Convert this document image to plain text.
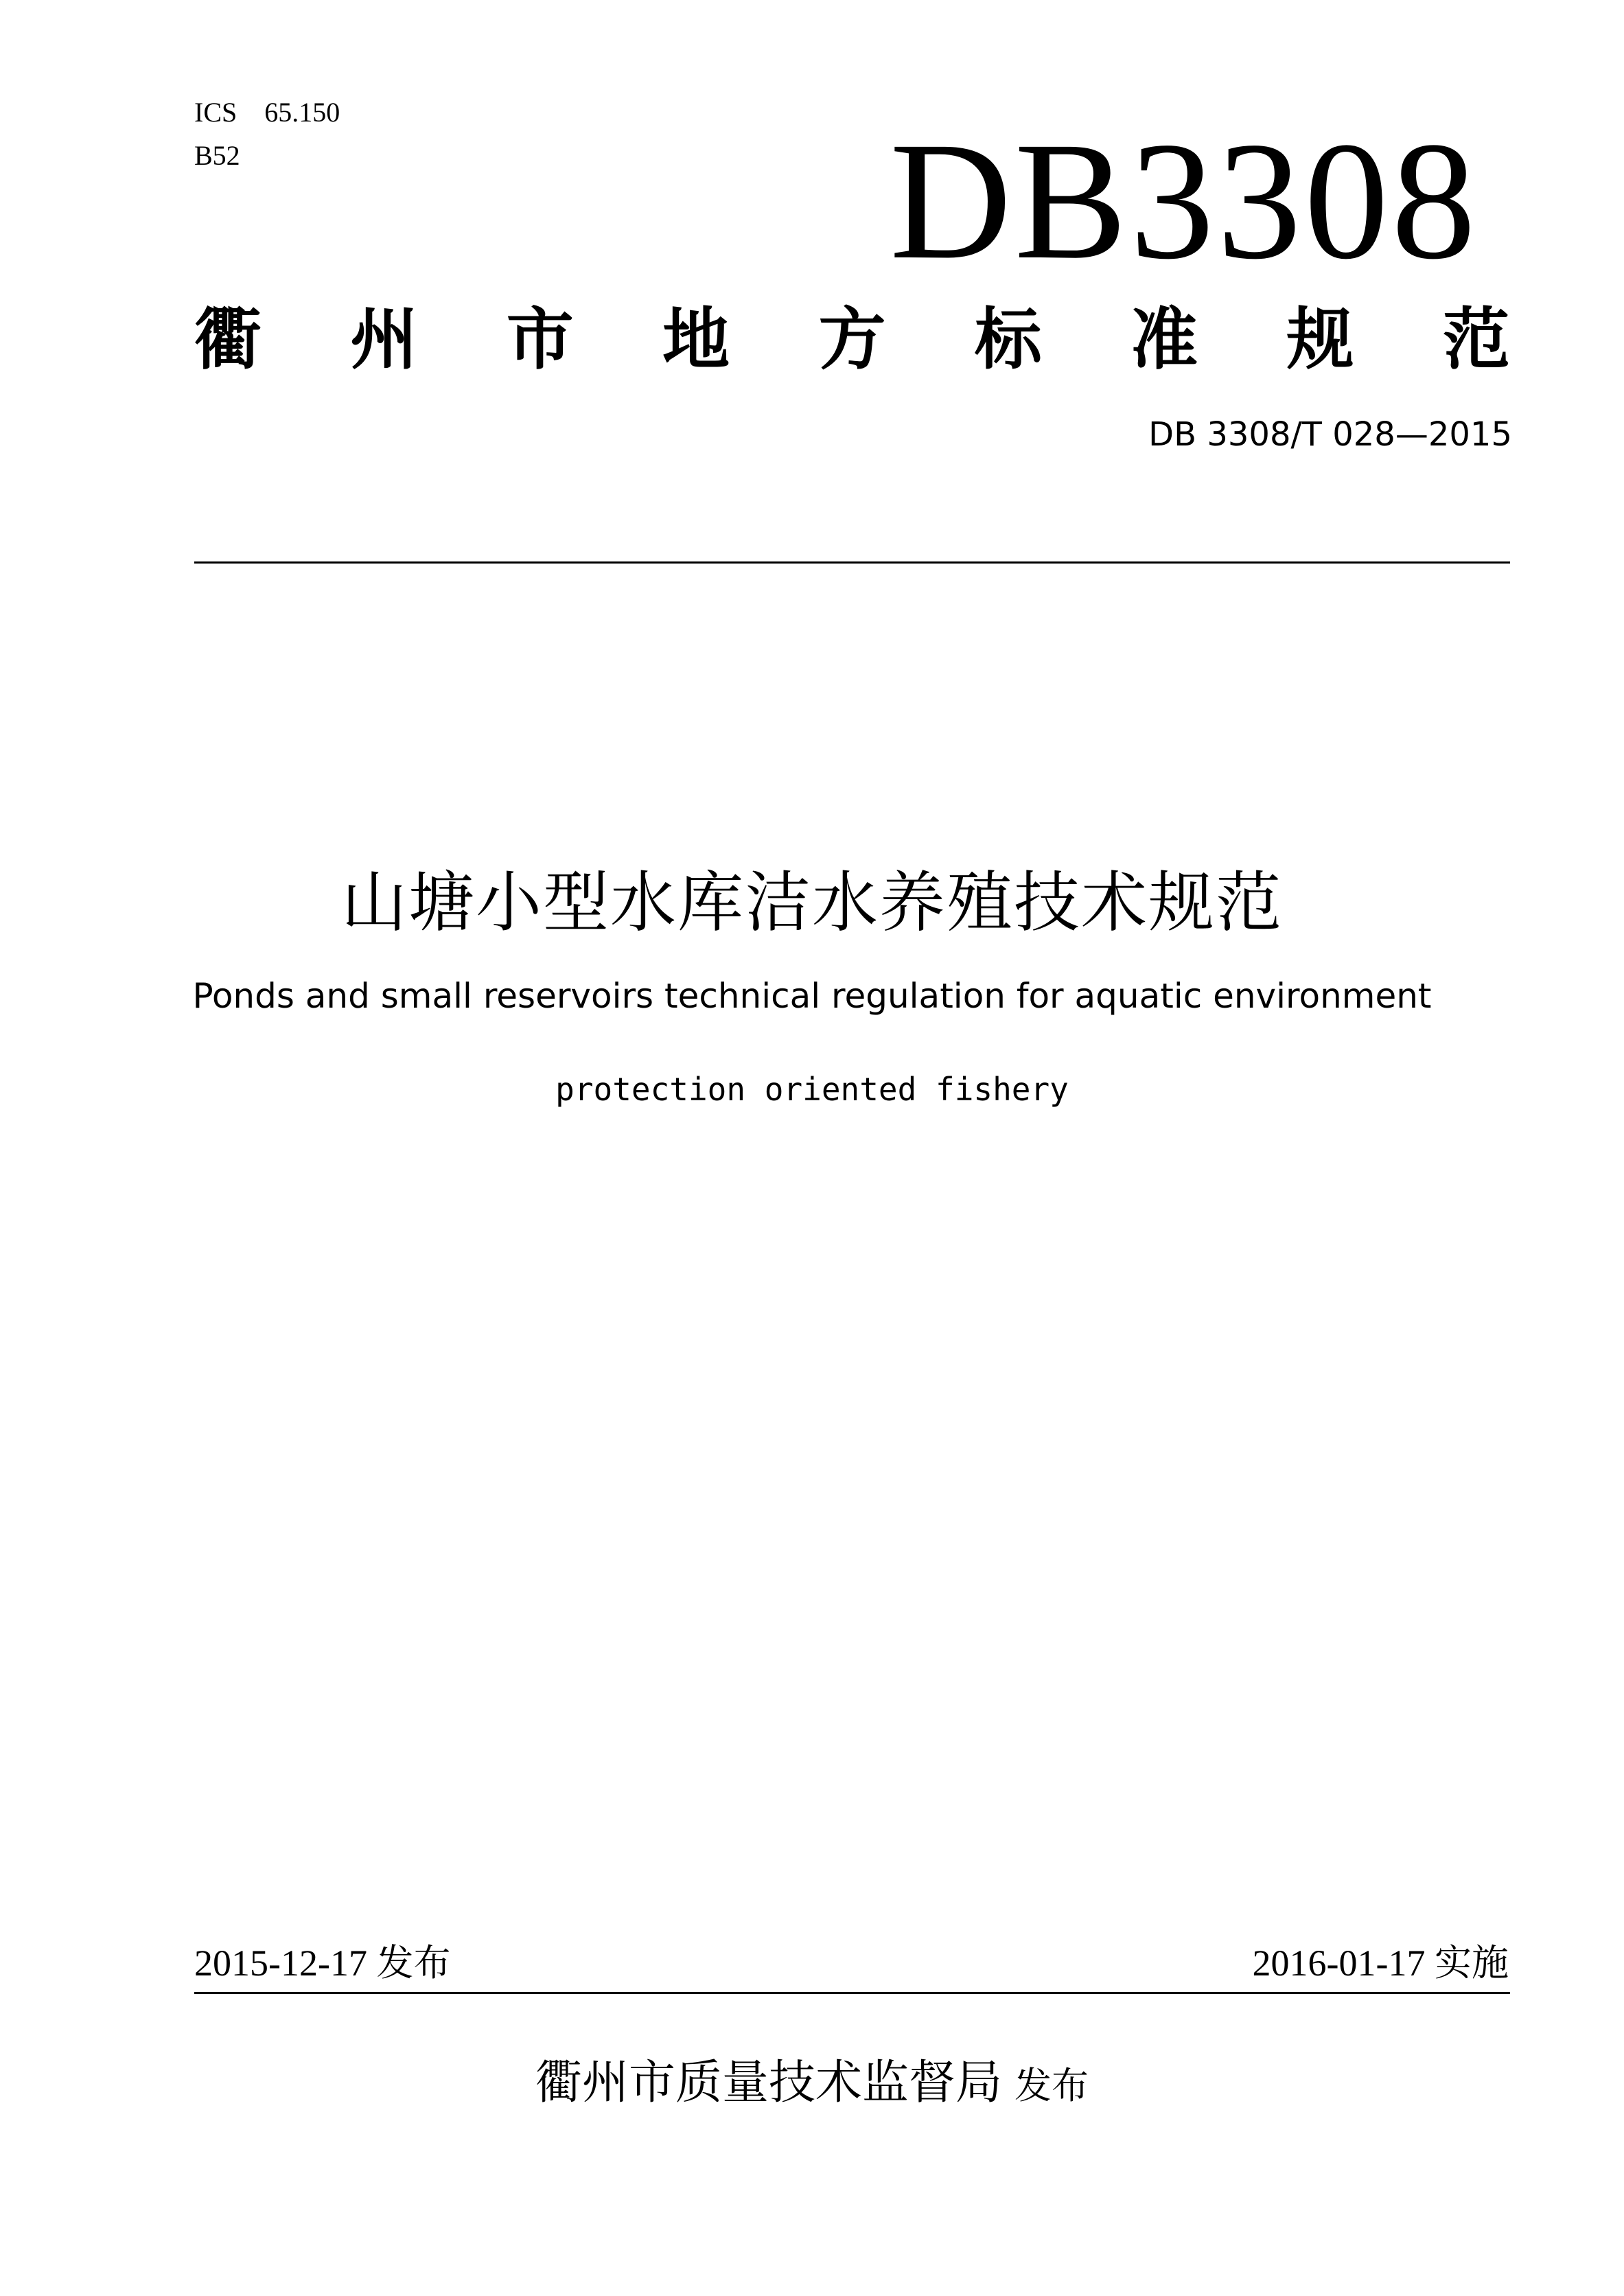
ICS 65.150
B52	DB3308
衢 州 市 地 方 标 准 规 范
DB 3308/T 028—2015
山塘小型水库洁水养殖技术规范
Ponds and small reservoirs technical regulation for aquatic environment
protection oriented fishery
2015-12-17 发布	2016-01-17 实施
衢州市质量技术监督局 发布
